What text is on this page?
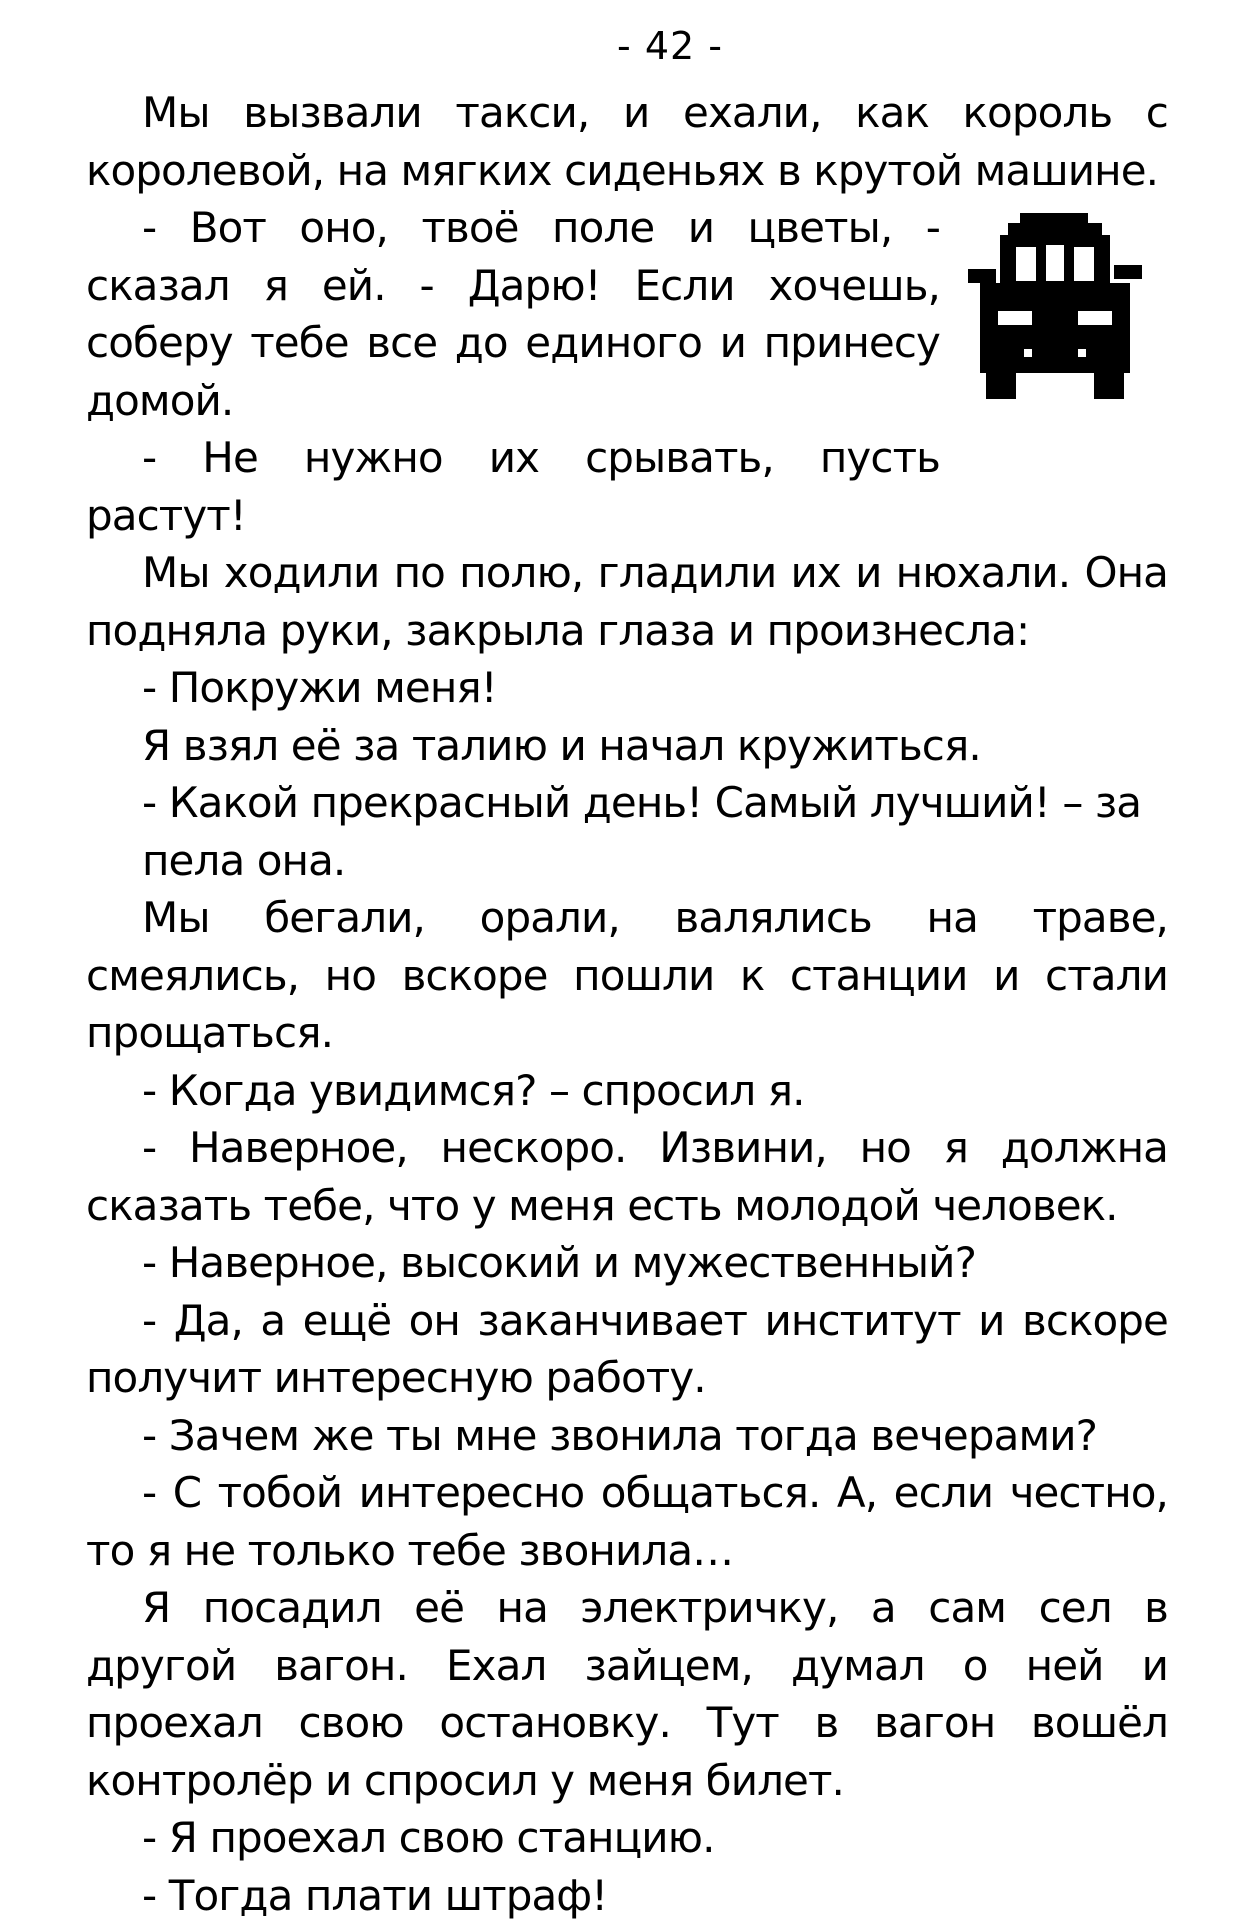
- 42 -

Мы вызвали такси, и ехали, как король с королевой, на мягких сиденьях в крутой машине.

- Вот оно, твоё поле и цветы, - сказал я ей. - Дарю! Если хочешь, соберу тебе все до единого и принесу домой.

- Не нужно их срывать, пусть растут!

Мы ходили по полю, гладили их и нюхали. Она подняла руки, закрыла глаза и произнесла:

- Покружи меня!

Я взял её за талию и начал кружиться.

- Какой прекрасный день! Самый лучший! – за

пела она.

Мы бегали, орали, валялись на траве, смеялись, но вскоре пошли к станции и стали прощаться.

- Когда увидимся? – спросил я.

- Наверное, нескоро. Извини, но я должна сказать тебе, что у меня есть молодой человек.

- Наверное, высокий и мужественный?

- Да, а ещё он заканчивает институт и вскоре получит интересную работу.

- Зачем же ты мне звонила тогда вечерами?

- С тобой интересно общаться. А, если честно, то я не только тебе звонила…

Я посадил её на электричку, а сам сел в другой вагон. Ехал зайцем, думал о ней и проехал свою остановку. Тут в вагон вошёл контролёр и спросил у меня билет.

- Я проехал свою станцию.

- Тогда плати штраф!
